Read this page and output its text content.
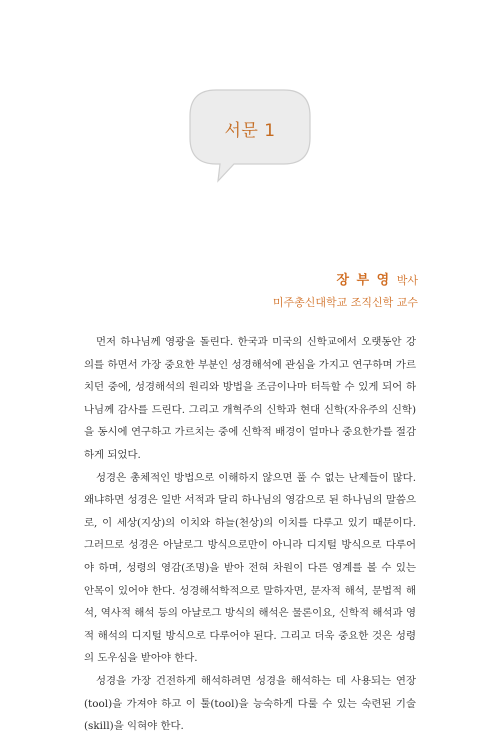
서문 1
장 부 영 박사
미주총신대학교 조직신학 교수

먼저 하나님께 영광을 돌린다. 한국과 미국의 신학교에서 오랫동안 강의를 하면서 가장 중요한 부분인 성경해석에 관심을 가지고 연구하며 가르치던 중에, 성경해석의 원리와 방법을 조금이나마 터득할 수 있게 되어 하나님께 감사를 드린다. 그리고 개혁주의 신학과 현대 신학(자유주의 신학)을 동시에 연구하고 가르치는 중에 신학적 배경이 얼마나 중요한가를 절감하게 되었다.

성경은 총체적인 방법으로 이해하지 않으면 풀 수 없는 난제들이 많다. 왜냐하면 성경은 일반 서적과 달리 하나님의 영감으로 된 하나님의 말씀으로, 이 세상(지상)의 이치와 하늘(천상)의 이치를 다루고 있기 때문이다. 그러므로 성경은 아날로그 방식으로만이 아니라 디지털 방식으로 다루어야 하며, 성령의 영감(조명)을 받아 전혀 차원이 다른 영계를 볼 수 있는 안목이 있어야 한다. 성경해석학적으로 말하자면, 문자적 해석, 문법적 해석, 역사적 해석 등의 아날로그 방식의 해석은 물론이요, 신학적 해석과 영적 해석의 디지털 방식으로 다루어야 된다. 그리고 더욱 중요한 것은 성령의 도우심을 받아야 한다.

성경을 가장 건전하게 해석하려면 성경을 해석하는 데 사용되는 연장(tool)을 가져야 하고 이 툴(tool)을 능숙하게 다룰 수 있는 숙련된 기술(skill)을 익혀야 한다.
